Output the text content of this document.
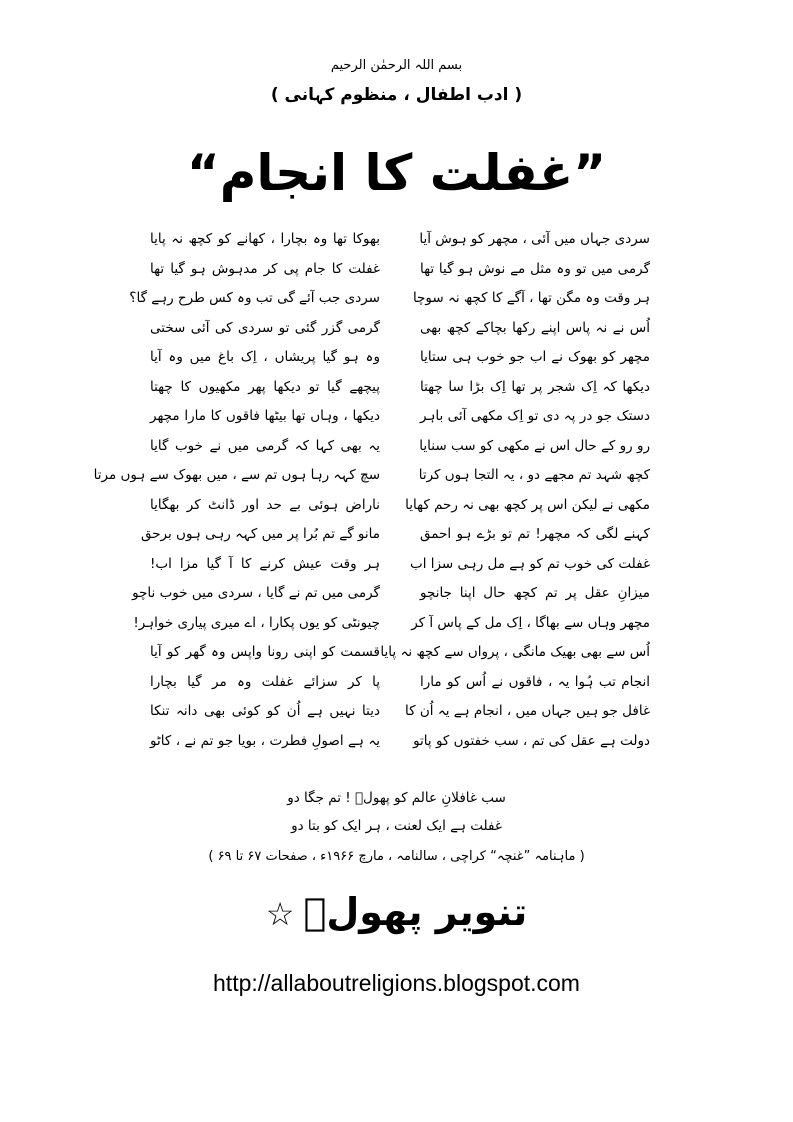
بسم اللہ الرحمٰن الرحیم
( ادب اطفال ، منظوم کہانی )
”غفلت کا انجام“
سردی جہاں میں آئی ، مچھر کو ہوش آیا
بھوکا تھا وہ بچارا ، کھانے کو کچھ نہ پایا
گرمی میں تو وہ مثل مے نوش ہو گیا تھا
غفلت کا جام پی کر مدہوش ہو گیا تھا
ہر وقت وہ مگن تھا ، آگے کا کچھ نہ سوچا
سردی جب آئے گی تب وہ کس طرح رہے گا؟
اُس نے نہ پاس اپنے رکھا بچاکے کچھ بھی
گرمی گزر گئی تو سردی کی آئی سختی
مچھر کو بھوک نے اب جو خوب ہی ستایا
وہ ہو گیا پریشاں ، اِک باغ میں وہ آیا
دیکھا کہ اِک شجر پر تھا اِک بڑا سا چھتا
پیچھے گیا تو دیکھا پھر مکھیوں کا چھتا
دستک جو در پہ دی تو اِک مکھی آئی باہر
دیکھا ، وہاں تھا بیٹھا فاقوں کا مارا مچھر
رو رو کے حال اس نے مکھی کو سب سنایا
یہ بھی کہا کہ گرمی میں نے خوب گایا
کچھ شہد تم مجھے دو ، یہ التجا ہوں کرتا
سچ کہہ رہا ہوں تم سے ، میں بھوک سے ہوں مرتا
مکھی نے لیکن اس پر کچھ بھی نہ رحم کھایا
ناراض ہوئی بے حد اور ڈانٹ کر بھگایا
کہنے لگی کہ مچھر! تم تو بڑے ہو احمق
مانو گے تم بُرا پر میں کہہ رہی ہوں برحق
غفلت کی خوب تم کو ہے مل رہی سزا اب
ہر وقت عیش کرنے کا آ گیا مزا اب!
میزانِ عقل پر تم کچھ حال اپنا جانچو
گرمی میں تم نے گایا ، سردی میں خوب ناچو
مچھر وہاں سے بھاگا ، اِک مل کے پاس آ کر
چیونٹی کو یوں پکارا ، اے میری پیاری خواہر!
اُس سے بھی بھیک مانگی ، پرواں سے کچھ نہ پایا
قسمت کو اپنی رونا واپس وہ گھر کو آیا
انجام تب ہُوا یہ ، فاقوں نے اُس کو مارا
پا کر سزائے غفلت وہ مر گیا بچارا
غافل جو ہیں جہاں میں ، انجام ہے یہ اُن کا
دیتا نہیں ہے اُن کو کوئی بھی دانہ تنکا
دولت ہے عقل کی تم ، سب خفتوں کو پاتو
یہ ہے اصولِ فطرت ، بویا جو تم نے ، کاٹو
سب غافلانِ عالم کو پھولؔ ! تم جگا دو
غفلت ہے ایک لعنت ، ہر ایک کو بتا دو
( ماہنامہ ”غنچہ“ کراچی ، سالنامہ ، مارچ ۱۹۶۶ء ، صفحات ۶۷ تا ۶۹ )
تنویر پھولؔ ☆
http://allaboutreligions.blogspot.com
